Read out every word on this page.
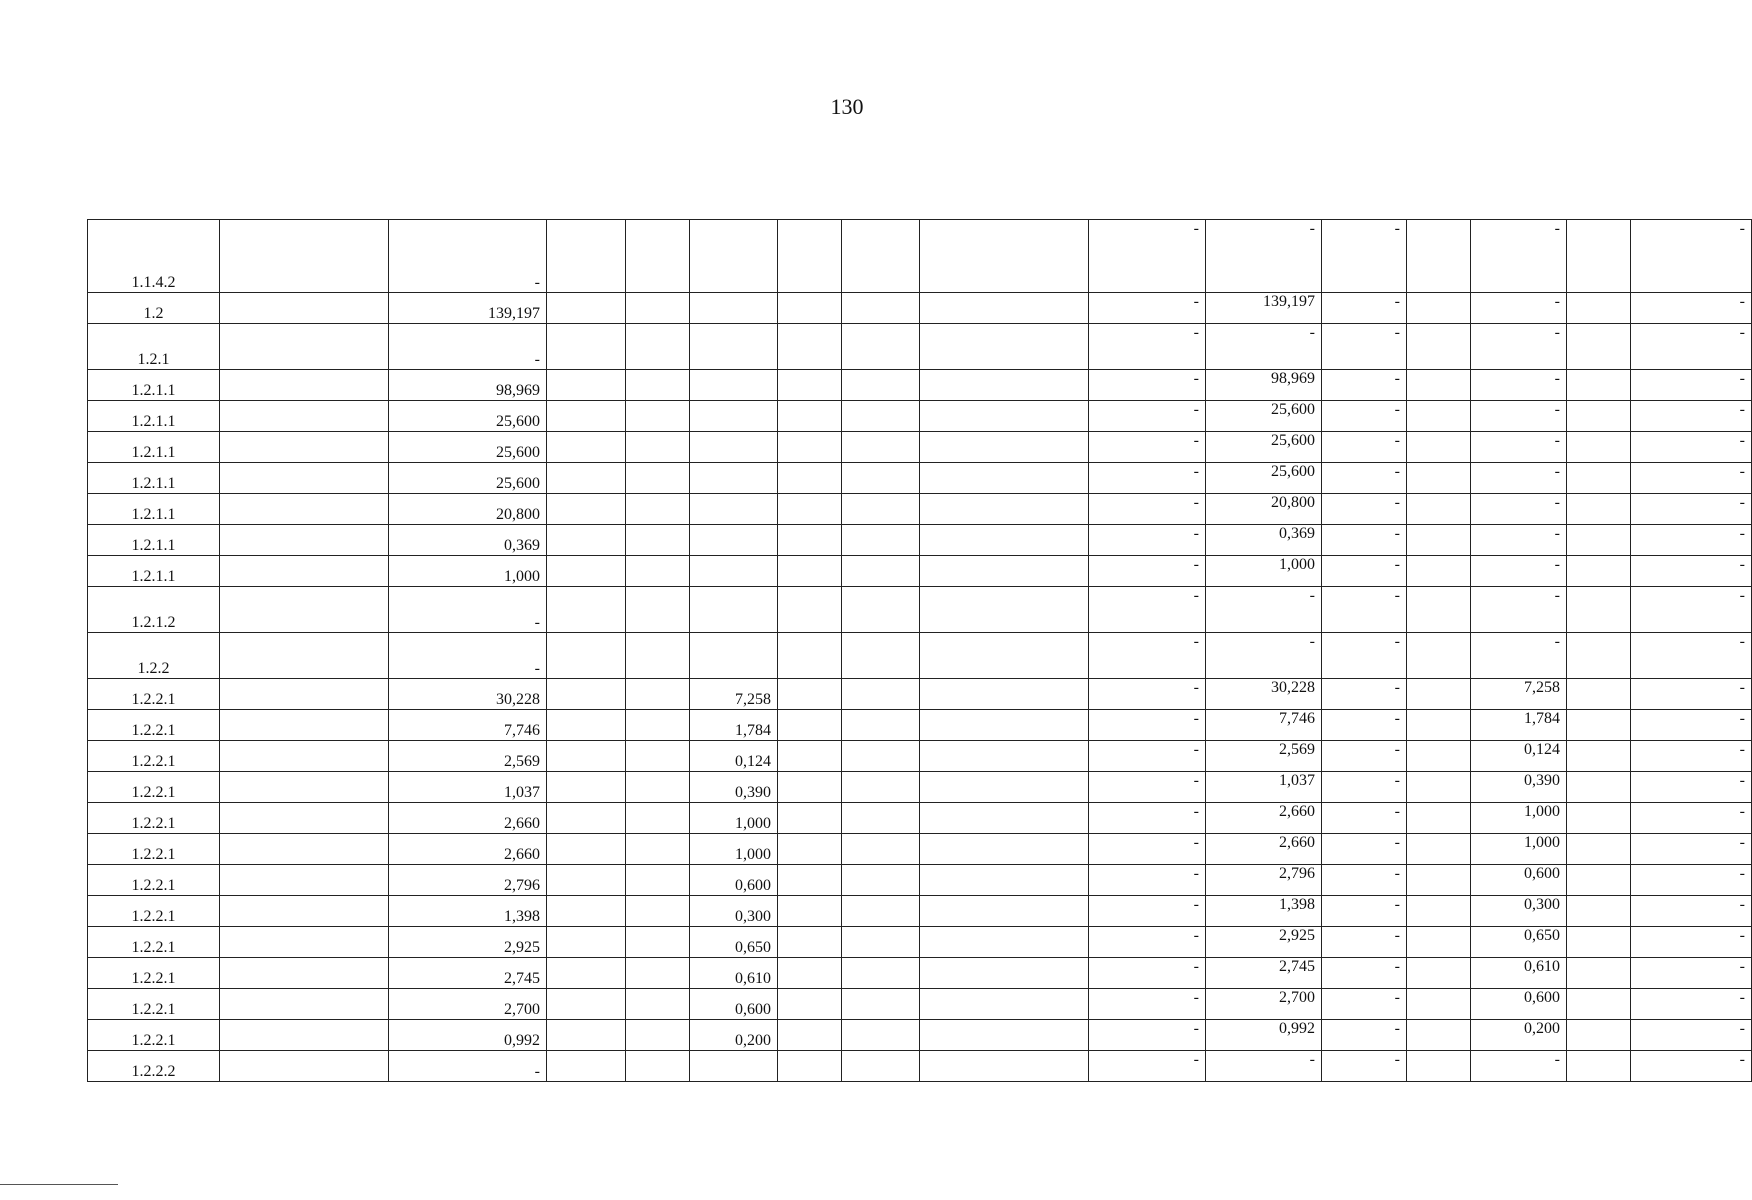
130
1.1.4.2		-							-	-	-		-		-
1.2		139,197							-	139,197	-		-		-
1.2.1		-							-	-	-		-		-
1.2.1.1		98,969							-	98,969	-		-		-
1.2.1.1		25,600							-	25,600	-		-		-
1.2.1.1		25,600							-	25,600	-		-		-
1.2.1.1		25,600							-	25,600	-		-		-
1.2.1.1		20,800							-	20,800	-		-		-
1.2.1.1		0,369							-	0,369	-		-		-
1.2.1.1		1,000							-	1,000	-		-		-
1.2.1.2		-							-	-	-		-		-
1.2.2		-							-	-	-		-		-
1.2.2.1		30,228			7,258				-	30,228	-		7,258		-
1.2.2.1		7,746			1,784				-	7,746	-		1,784		-
1.2.2.1		2,569			0,124				-	2,569	-		0,124		-
1.2.2.1		1,037			0,390				-	1,037	-		0,390		-
1.2.2.1		2,660			1,000				-	2,660	-		1,000		-
1.2.2.1		2,660			1,000				-	2,660	-		1,000		-
1.2.2.1		2,796			0,600				-	2,796	-		0,600		-
1.2.2.1		1,398			0,300				-	1,398	-		0,300		-
1.2.2.1		2,925			0,650				-	2,925	-		0,650		-
1.2.2.1		2,745			0,610				-	2,745	-		0,610		-
1.2.2.1		2,700			0,600				-	2,700	-		0,600		-
1.2.2.1		0,992			0,200				-	0,992	-		0,200		-
1.2.2.2		-							-	-	-		-		-
